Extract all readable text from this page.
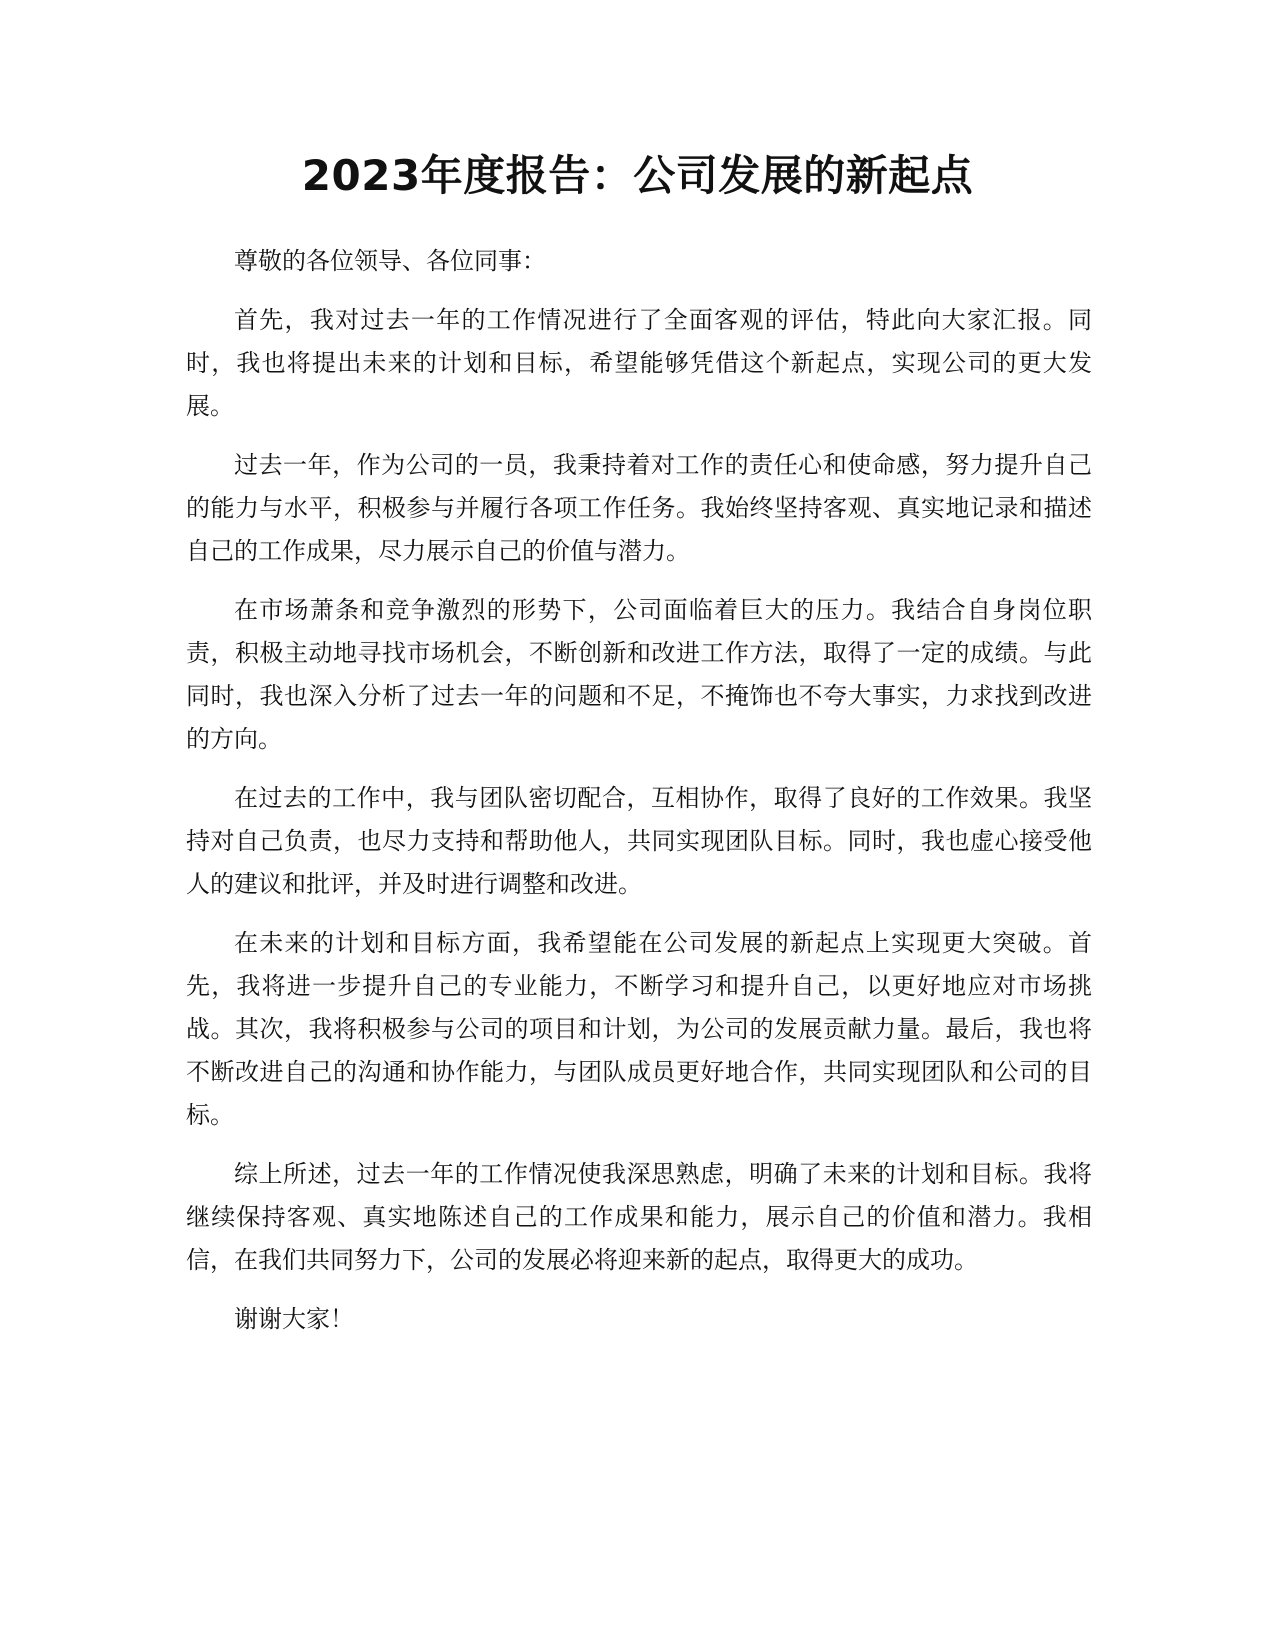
2023年度报告：公司发展的新起点

尊敬的各位领导、各位同事：

首先，我对过去一年的工作情况进行了全面客观的评估，特此向大家汇报。同时，我也将提出未来的计划和目标，希望能够凭借这个新起点，实现公司的更大发展。

过去一年，作为公司的一员，我秉持着对工作的责任心和使命感，努力提升自己的能力与水平，积极参与并履行各项工作任务。我始终坚持客观、真实地记录和描述自己的工作成果，尽力展示自己的价值与潜力。

在市场萧条和竞争激烈的形势下，公司面临着巨大的压力。我结合自身岗位职责，积极主动地寻找市场机会，不断创新和改进工作方法，取得了一定的成绩。与此同时，我也深入分析了过去一年的问题和不足，不掩饰也不夸大事实，力求找到改进的方向。

在过去的工作中，我与团队密切配合，互相协作，取得了良好的工作效果。我坚持对自己负责，也尽力支持和帮助他人，共同实现团队目标。同时，我也虚心接受他人的建议和批评，并及时进行调整和改进。

在未来的计划和目标方面，我希望能在公司发展的新起点上实现更大突破。首先，我将进一步提升自己的专业能力，不断学习和提升自己，以更好地应对市场挑战。其次，我将积极参与公司的项目和计划，为公司的发展贡献力量。最后，我也将不断改进自己的沟通和协作能力，与团队成员更好地合作，共同实现团队和公司的目标。

综上所述，过去一年的工作情况使我深思熟虑，明确了未来的计划和目标。我将继续保持客观、真实地陈述自己的工作成果和能力，展示自己的价值和潜力。我相信，在我们共同努力下，公司的发展必将迎来新的起点，取得更大的成功。

谢谢大家！
